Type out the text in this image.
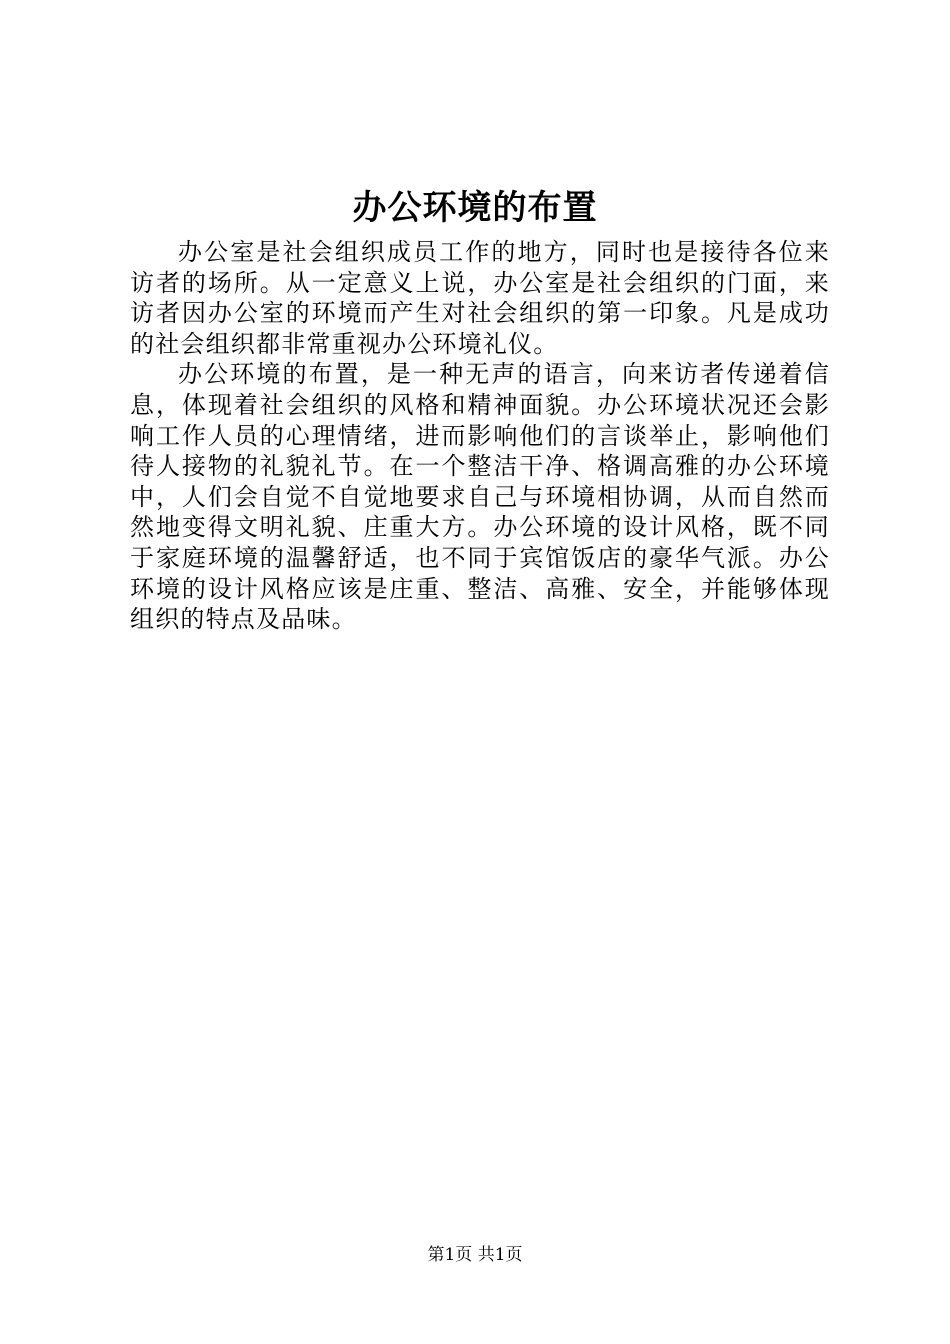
办公环境的布置

办公室是社会组织成员工作的地方，同时也是接待各位来访者的场所。从一定意义上说，办公室是社会组织的门面，来访者因办公室的环境而产生对社会组织的第一印象。凡是成功的社会组织都非常重视办公环境礼仪。

办公环境的布置，是一种无声的语言，向来访者传递着信息，体现着社会组织的风格和精神面貌。办公环境状况还会影响工作人员的心理情绪，进而影响他们的言谈举止，影响他们待人接物的礼貌礼节。在一个整洁干净、格调高雅的办公环境中，人们会自觉不自觉地要求自己与环境相协调，从而自然而然地变得文明礼貌、庄重大方。办公环境的设计风格，既不同于家庭环境的温馨舒适，也不同于宾馆饭店的豪华气派。办公环境的设计风格应该是庄重、整洁、高雅、安全，并能够体现组织的特点及品味。

第1页 共1页
